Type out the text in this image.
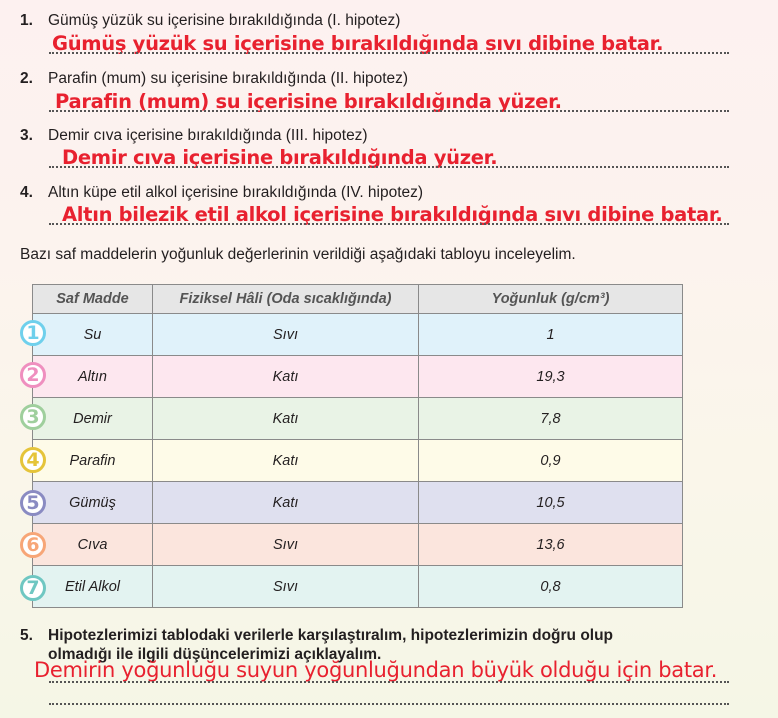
1. Gümüş yüzük su içerisine bırakıldığında (I. hipotez)
Gümüş yüzük su içerisine bırakıldığında sıvı dibine batar.
2. Parafin (mum) su içerisine bırakıldığında (II. hipotez)
Parafin (mum) su içerisine bırakıldığında yüzer.
3. Demir cıva içerisine bırakıldığında (III. hipotez)
Demir cıva içerisine bırakıldığında yüzer.
4. Altın küpe etil alkol içerisine bırakıldığında (IV. hipotez)
Altın bilezik etil alkol içerisine bırakıldığında sıvı dibine batar.
Bazı saf maddelerin yoğunluk değerlerinin verildiği aşağıdaki tabloyu inceleyelim.
Saf Madde	Fiziksel Hâli (Oda sıcaklığında)	Yoğunluk (g/cm³)
Su	Sıvı	1
Altın	Katı	19,3
Demir	Katı	7,8
Parafin	Katı	0,9
Gümüş	Katı	10,5
Cıva	Sıvı	13,6
Etil Alkol	Sıvı	0,8
1
2
3
4
5
6
7
5. Hipotezlerimizi tablodaki verilerle karşılaştıralım, hipotezlerimizin doğru olup
olmadığı ile ilgili düşüncelerimizi açıklayalım.
Demirin yoğunluğu suyun yoğunluğundan büyük olduğu için batar.
